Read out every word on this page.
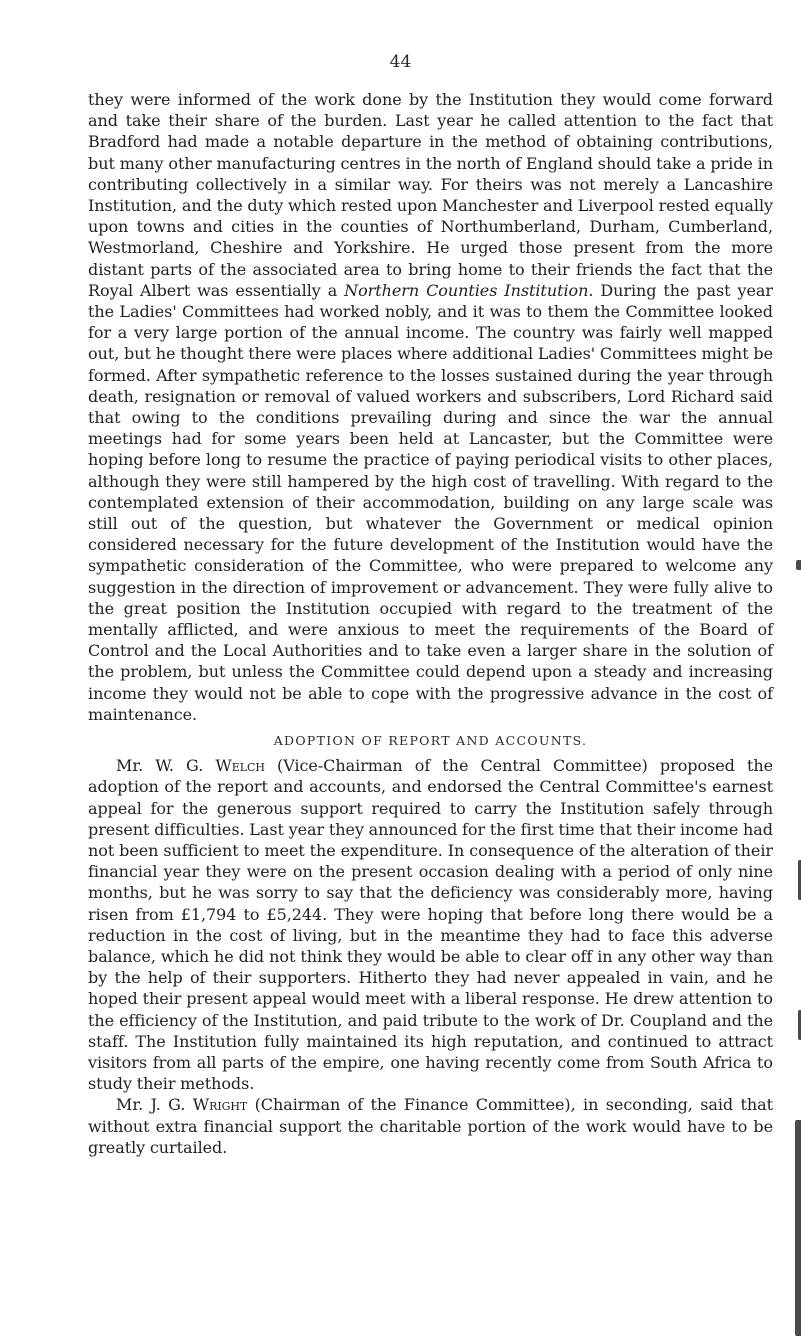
44

they were informed of the work done by the Institution they would come forward and take their share of the burden. Last year he called attention to the fact that Bradford had made a notable departure in the method of obtaining contributions, but many other manufacturing centres in the north of England should take a pride in contributing collectively in a similar way. For theirs was not merely a Lancashire Institution, and the duty which rested upon Manchester and Liverpool rested equally upon towns and cities in the counties of Northumberland, Durham, Cumberland, Westmorland, Cheshire and Yorkshire. He urged those present from the more distant parts of the associated area to bring home to their friends the fact that the Royal Albert was essentially a Northern Counties Institution. During the past year the Ladies' Committees had worked nobly, and it was to them the Committee looked for a very large portion of the annual income. The country was fairly well mapped out, but he thought there were places where additional Ladies' Committees might be formed. After sympathetic reference to the losses sustained during the year through death, resignation or removal of valued workers and subscribers, Lord Richard said that owing to the conditions prevailing during and since the war the annual meetings had for some years been held at Lancaster, but the Committee were hoping before long to resume the practice of paying periodical visits to other places, although they were still hampered by the high cost of travelling. With regard to the contemplated extension of their accommodation, building on any large scale was still out of the question, but whatever the Government or medical opinion considered necessary for the future development of the Institution would have the sympathetic consideration of the Committee, who were prepared to welcome any suggestion in the direction of improvement or advancement. They were fully alive to the great position the Institution occupied with regard to the treatment of the mentally afflicted, and were anxious to meet the requirements of the Board of Control and the Local Authorities and to take even a larger share in the solution of the problem, but unless the Committee could depend upon a steady and increasing income they would not be able to cope with the progressive advance in the cost of maintenance.

ADOPTION OF REPORT AND ACCOUNTS.

Mr. W. G. Welch (Vice-Chairman of the Central Committee) proposed the adoption of the report and accounts, and endorsed the Central Committee's earnest appeal for the generous support required to carry the Institution safely through present difficulties. Last year they announced for the first time that their income had not been sufficient to meet the expenditure. In consequence of the alteration of their financial year they were on the present occasion dealing with a period of only nine months, but he was sorry to say that the deficiency was considerably more, having risen from £1,794 to £5,244. They were hoping that before long there would be a reduction in the cost of living, but in the meantime they had to face this adverse balance, which he did not think they would be able to clear off in any other way than by the help of their supporters. Hitherto they had never appealed in vain, and he hoped their present appeal would meet with a liberal response. He drew attention to the efficiency of the Institution, and paid tribute to the work of Dr. Coupland and the staff. The Institution fully maintained its high reputation, and continued to attract visitors from all parts of the empire, one having recently come from South Africa to study their methods.

Mr. J. G. Wright (Chairman of the Finance Committee), in seconding, said that without extra financial support the charitable portion of the work would have to be greatly curtailed.
